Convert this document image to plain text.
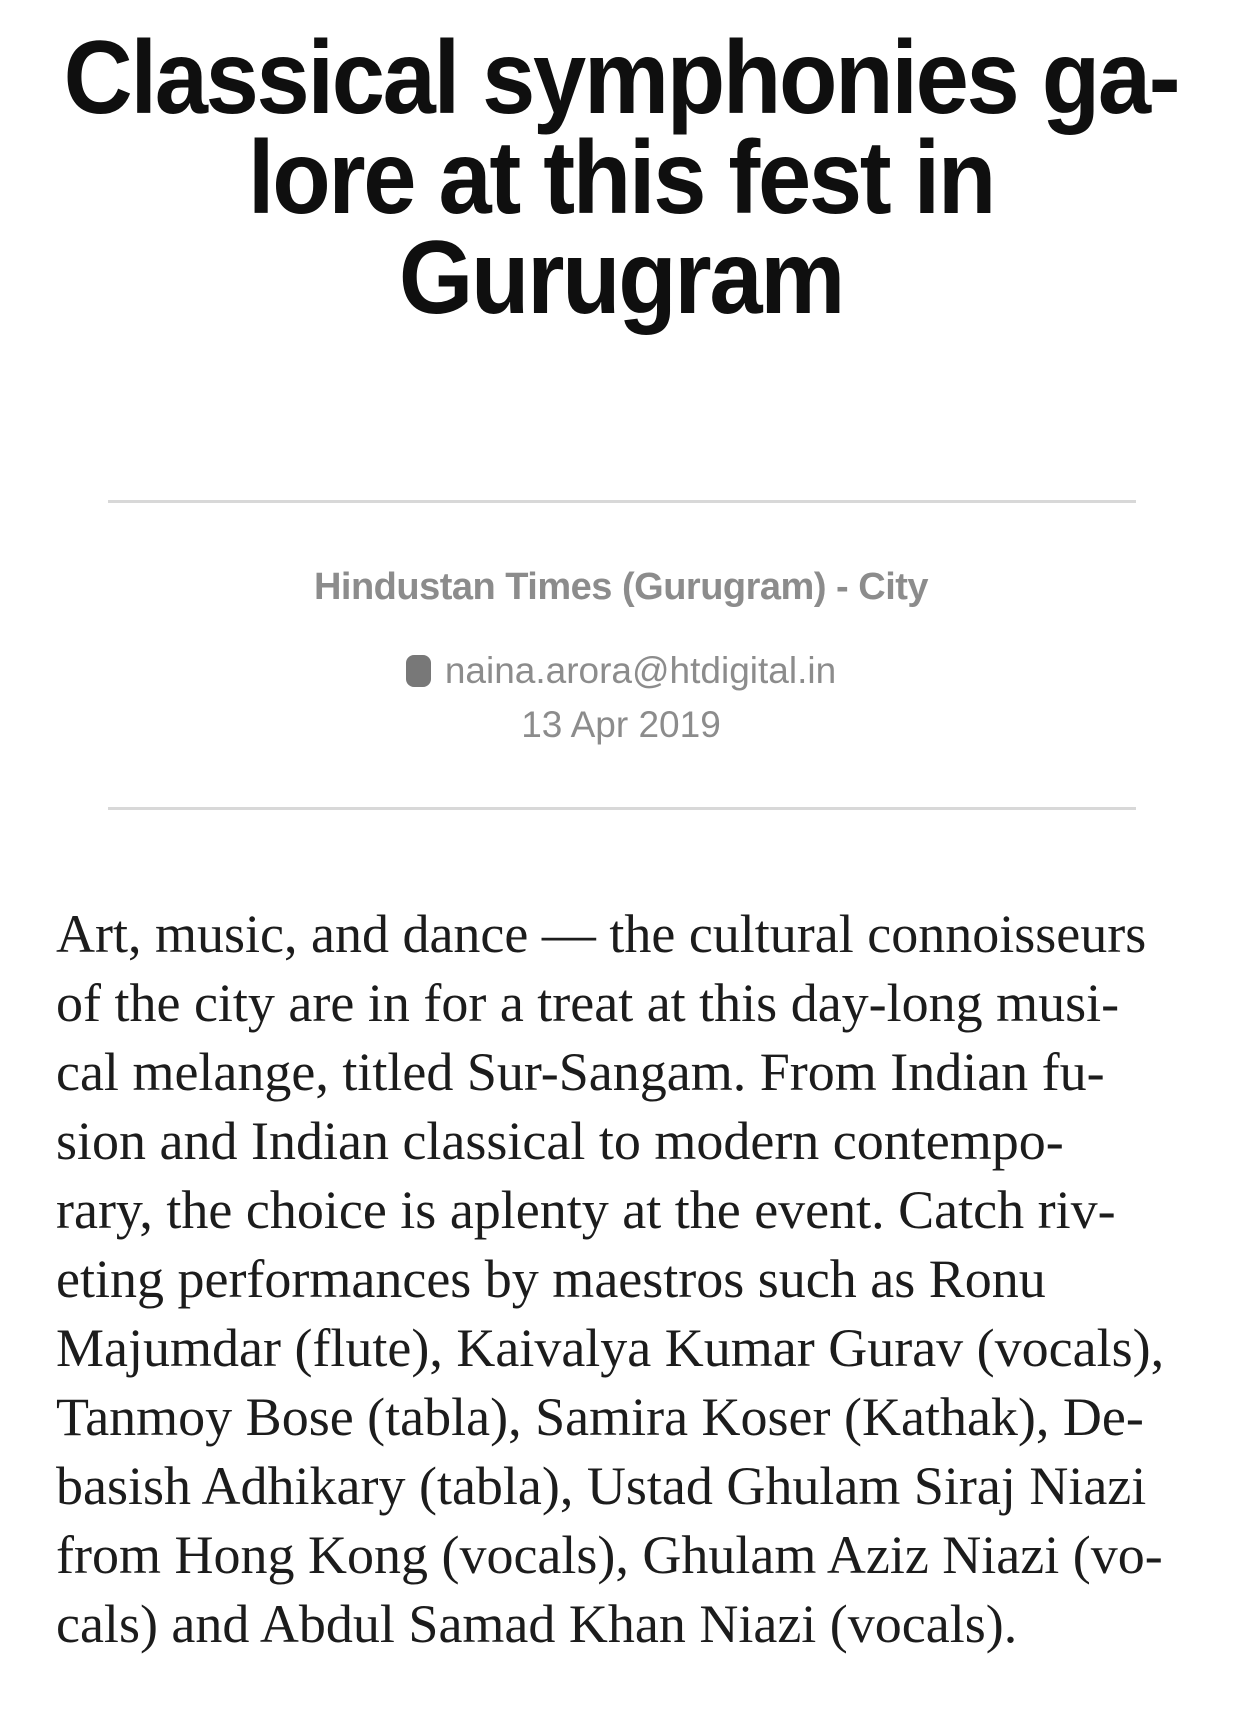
Classical symphonies ga-
lore at this fest in
Gurugram
Hindustan Times (Gurugram) - City
naina.arora@htdigital.in
13 Apr 2019
Art, music, and dance — the cultural connoisseurs
of the city are in for a treat at this day-long musi-
cal melange, titled Sur-Sangam. From Indian fu-
sion and Indian classical to modern contempo-
rary, the choice is aplenty at the event. Catch riv-
eting performances by maestros such as Ronu
Majumdar (flute), Kaivalya Kumar Gurav (vocals),
Tanmoy Bose (tabla), Samira Koser (Kathak), De-
basish Adhikary (tabla), Ustad Ghulam Siraj Niazi
from Hong Kong (vocals), Ghulam Aziz Niazi (vo-
cals) and Abdul Samad Khan Niazi (vocals).
